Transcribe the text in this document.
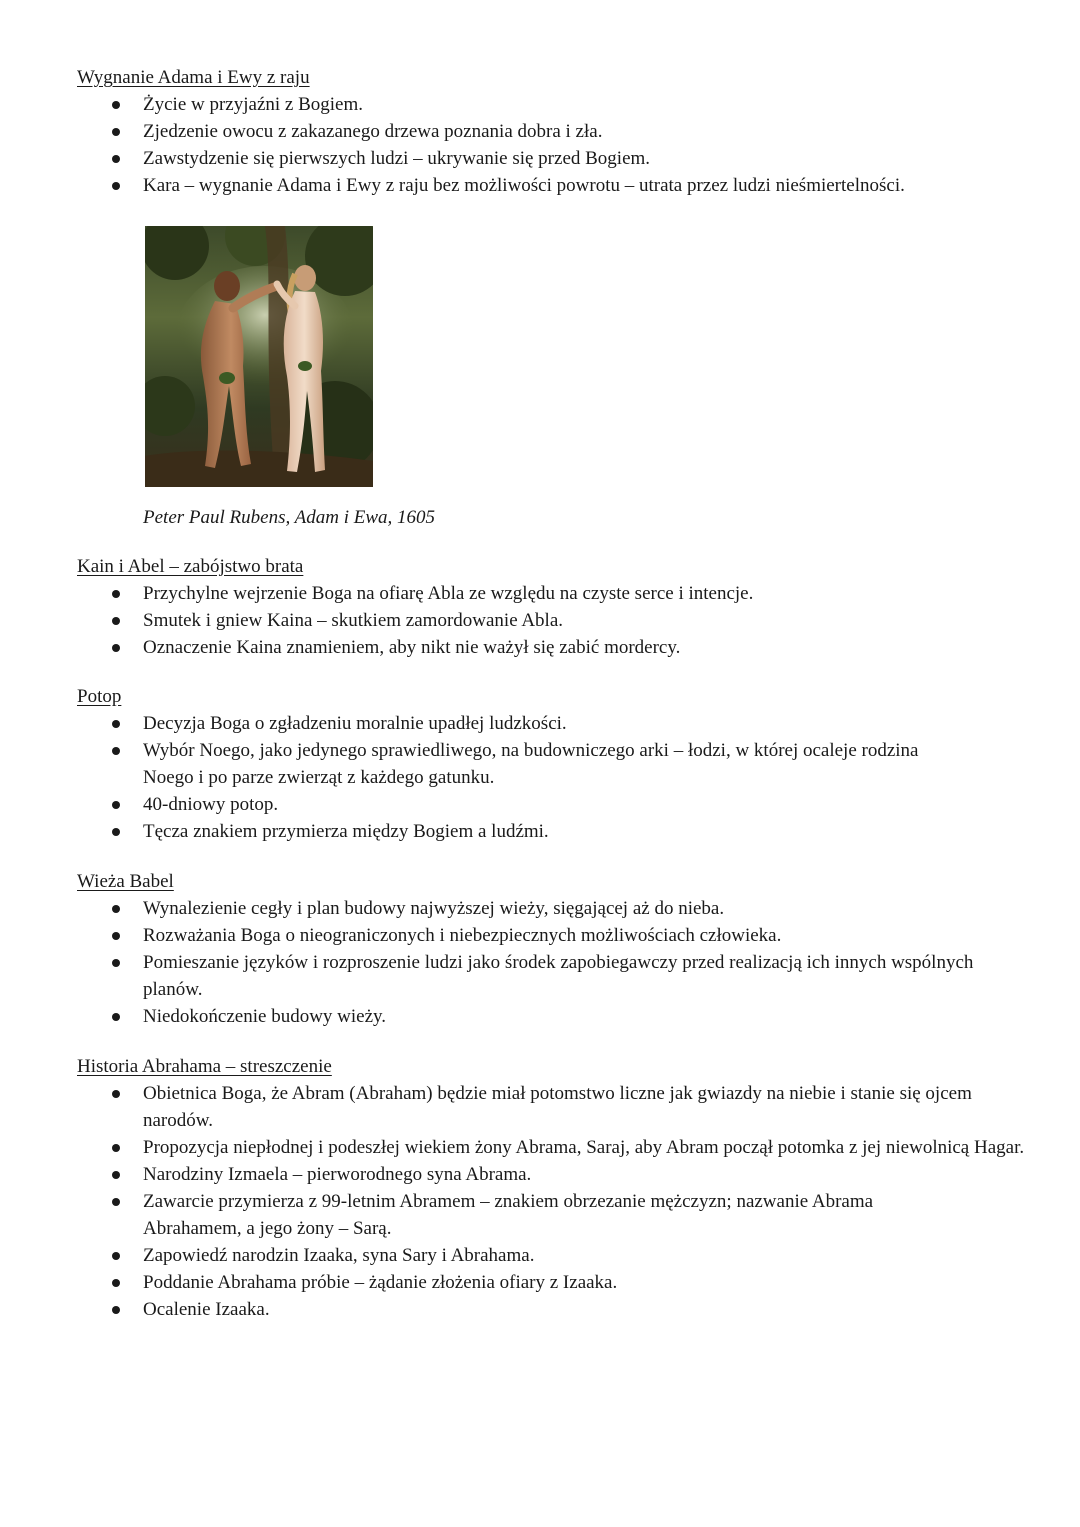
Wygnanie Adama i Ewy z raju
Życie w przyjaźni z Bogiem.
Zjedzenie owocu z zakazanego drzewa poznania dobra i zła.
Zawstydzenie się pierwszych ludzi – ukrywanie się przed Bogiem.
Kara – wygnanie Adama i Ewy z raju bez możliwości powrotu – utrata przez ludzi nieśmiertelności.
Peter Paul Rubens, Adam i Ewa, 1605
Kain i Abel – zabójstwo brata
Przychylne wejrzenie Boga na ofiarę Abla ze względu na czyste serce i intencje.
Smutek i gniew Kaina – skutkiem zamordowanie Abla.
Oznaczenie Kaina znamieniem, aby nikt nie ważył się zabić mordercy.
Potop
Decyzja Boga o zgładzeniu moralnie upadłej ludzkości.
Wybór Noego, jako jedynego sprawiedliwego, na budowniczego arki – łodzi, w której ocaleje rodzina Noego i po parze zwierząt z każdego gatunku.
40-dniowy potop.
Tęcza znakiem przymierza między Bogiem a ludźmi.
Wieża Babel
Wynalezienie cegły i plan budowy najwyższej wieży, sięgającej aż do nieba.
Rozważania Boga o nieograniczonych i niebezpiecznych możliwościach człowieka.
Pomieszanie języków i rozproszenie ludzi jako środek zapobiegawczy przed realizacją ich innych wspólnych planów.
Niedokończenie budowy wieży.
Historia Abrahama – streszczenie
Obietnica Boga, że Abram (Abraham) będzie miał potomstwo liczne jak gwiazdy na niebie i stanie się ojcem narodów.
Propozycja niepłodnej i podeszłej wiekiem żony Abrama, Saraj, aby Abram począł potomka z jej niewolnicą Hagar.
Narodziny Izmaela – pierworodnego syna Abrama.
Zawarcie przymierza z 99-letnim Abramem – znakiem obrzezanie mężczyzn; nazwanie Abrama Abrahamem, a jego żony – Sarą.
Zapowiedź narodzin Izaaka, syna Sary i Abrahama.
Poddanie Abrahama próbie – żądanie złożenia ofiary z Izaaka.
Ocalenie Izaaka.
